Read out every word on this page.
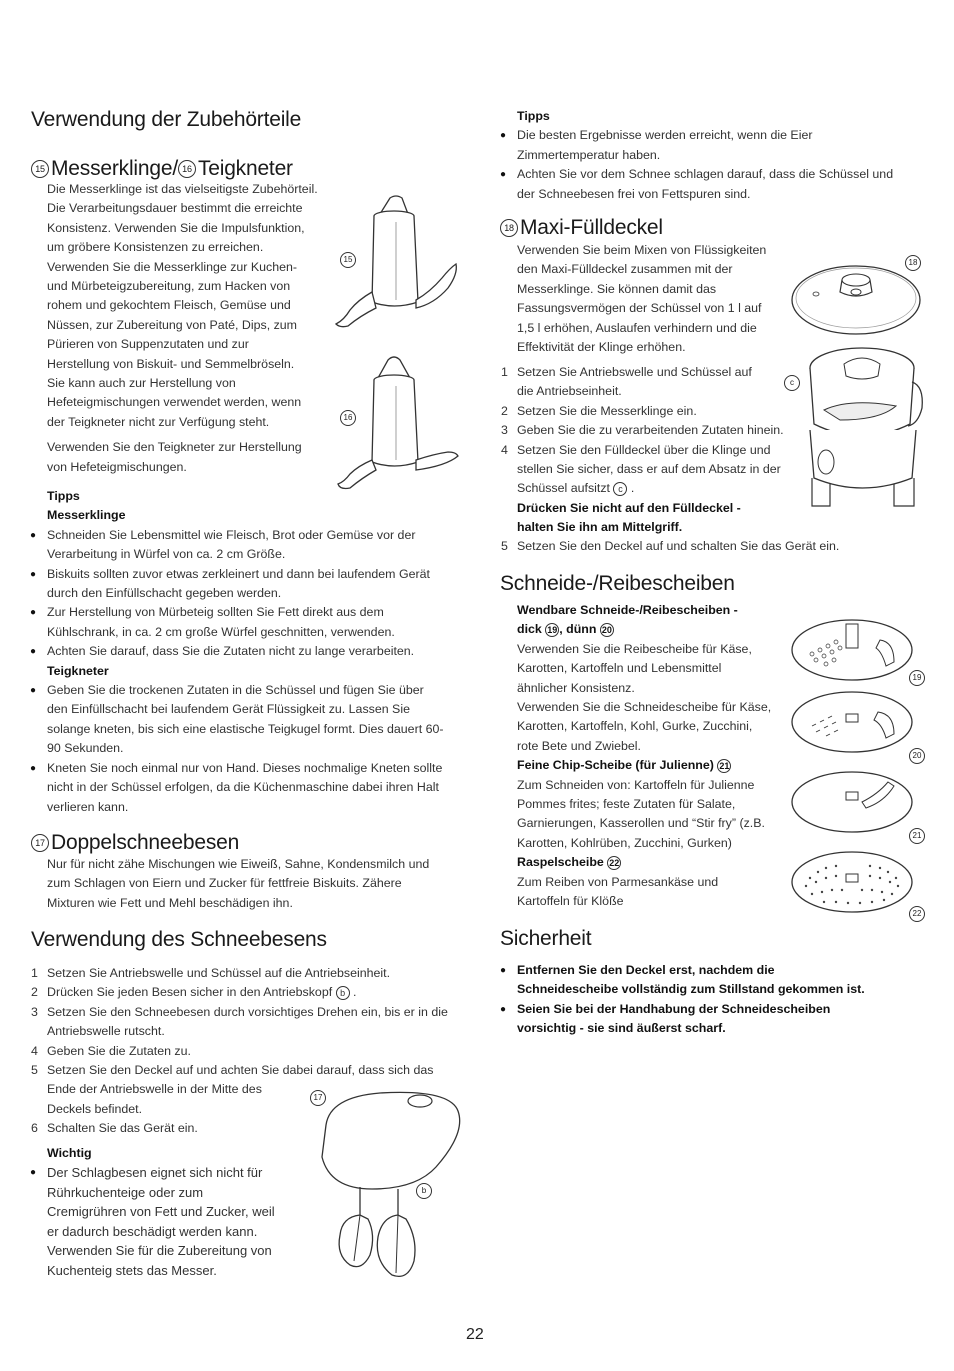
Verwendung der Zubehörteile
15 Messerklinge/ 16 Teigkneter
Die Messerklinge ist das vielseitigste Zubehörteil.
Die Verarbeitungsdauer bestimmt die erreichte
Konsistenz. Verwenden Sie die Impulsfunktion,
um gröbere Konsistenzen zu erreichen.
Verwenden Sie die Messerklinge zur Kuchen-
und Mürbeteigzubereitung, zum Hacken von
rohem und gekochtem Fleisch, Gemüse und
Nüssen, zur Zubereitung von Paté, Dips, zum
Pürieren von Suppenzutaten und zur
Herstellung von Biskuit- und Semmelbröseln.
Sie kann auch zur Herstellung von
Hefeteigmischungen verwendet werden, wenn
der Teigkneter nicht zur Verfügung steht.
Verwenden Sie den Teigkneter zur Herstellung
von Hefeteigmischungen.
Tipps
Messerklinge
● Schneiden Sie Lebensmittel wie Fleisch, Brot oder Gemüse vor der
Verarbeitung in Würfel von ca. 2 cm Größe.
● Biskuits sollten zuvor etwas zerkleinert und dann bei laufendem Gerät
durch den Einfüllschacht gegeben werden.
● Zur Herstellung von Mürbeteig sollten Sie Fett direkt aus dem
Kühlschrank, in ca. 2 cm große Würfel geschnitten, verwenden.
● Achten Sie darauf, dass Sie die Zutaten nicht zu lange verarbeiten.
Teigkneter
● Geben Sie die trockenen Zutaten in die Schüssel und fügen Sie über
den Einfüllschacht bei laufendem Gerät Flüssigkeit zu. Lassen Sie
solange kneten, bis sich eine elastische Teigkugel formt. Dies dauert 60-
90 Sekunden.
● Kneten Sie noch einmal nur von Hand. Dieses nochmalige Kneten sollte
nicht in der Schüssel erfolgen, da die Küchenmaschine dabei ihren Halt
verlieren kann.
17 Doppelschneebesen
Nur für nicht zähe Mischungen wie Eiweiß, Sahne, Kondensmilch und
zum Schlagen von Eiern und Zucker für fettfreie Biskuits. Zähere
Mixturen wie Fett und Mehl beschädigen ihn.
Verwendung des Schneebesens
1 Setzen Sie Antriebswelle und Schüssel auf die Antriebseinheit.
2 Drücken Sie jeden Besen sicher in den Antriebskopf b .
3 Setzen Sie den Schneebesen durch vorsichtiges Drehen ein, bis er in die
Antriebswelle rutscht.
4 Geben Sie die Zutaten zu.
5 Setzen Sie den Deckel auf und achten Sie dabei darauf, dass sich das
Ende der Antriebswelle in der Mitte des
Deckels befindet.
6 Schalten Sie das Gerät ein.
Wichtig
● Der Schlagbesen eignet sich nicht für
Rührkuchenteige oder zum
Cremigrühren von Fett und Zucker, weil
er dadurch beschädigt werden kann.
Verwenden Sie für die Zubereitung von
Kuchenteig stets das Messer.
15
16
17
b
Tipps
● Die besten Ergebnisse werden erreicht, wenn die Eier
Zimmertemperatur haben.
● Achten Sie vor dem Schnee schlagen darauf, dass die Schüssel und
der Schneebesen frei von Fettspuren sind.
18 Maxi-Fülldeckel
Verwenden Sie beim Mixen von Flüssigkeiten
den Maxi-Fülldeckel zusammen mit der
Messerklinge. Sie können damit das
Fassungsvermögen der Schüssel von 1 l auf
1,5 l erhöhen, Auslaufen verhindern und die
Effektivität der Klinge erhöhen.
1 Setzen Sie Antriebswelle und Schüssel auf
die Antriebseinheit.
2 Setzen Sie die Messerklinge ein.
3 Geben Sie die zu verarbeitenden Zutaten hinein.
4 Setzen Sie den Fülldeckel über die Klinge und
stellen Sie sicher, dass er auf dem Absatz in der
Schüssel aufsitzt c .
Drücken Sie nicht auf den Fülldeckel -
halten Sie ihn am Mittelgriff.
5 Setzen Sie den Deckel auf und schalten Sie das Gerät ein.
Schneide-/Reibescheiben
Wendbare Schneide-/Reibescheiben -
dick 19 , dünn 20
Verwenden Sie die Reibescheibe für Käse,
Karotten, Kartoffeln und Lebensmittel
ähnlicher Konsistenz.
Verwenden Sie die Schneidescheibe für Käse,
Karotten, Kartoffeln, Kohl, Gurke, Zucchini,
rote Bete und Zwiebel.
Feine Chip-Scheibe (für Julienne) 21
Zum Schneiden von: Kartoffeln für Julienne
Pommes frites; feste Zutaten für Salate,
Garnierungen, Kasserollen und “Stir fry” (z.B.
Karotten, Kohlrüben, Zucchini, Gurken)
Raspelscheibe 22
Zum Reiben von Parmesankäse und
Kartoffeln für Klöße
Sicherheit
● Entfernen Sie den Deckel erst, nachdem die
Schneidescheibe vollständig zum Stillstand gekommen ist.
● Seien Sie bei der Handhabung der Schneidescheiben
vorsichtig - sie sind äußerst scharf.
18
c
19
20
21
22
22
